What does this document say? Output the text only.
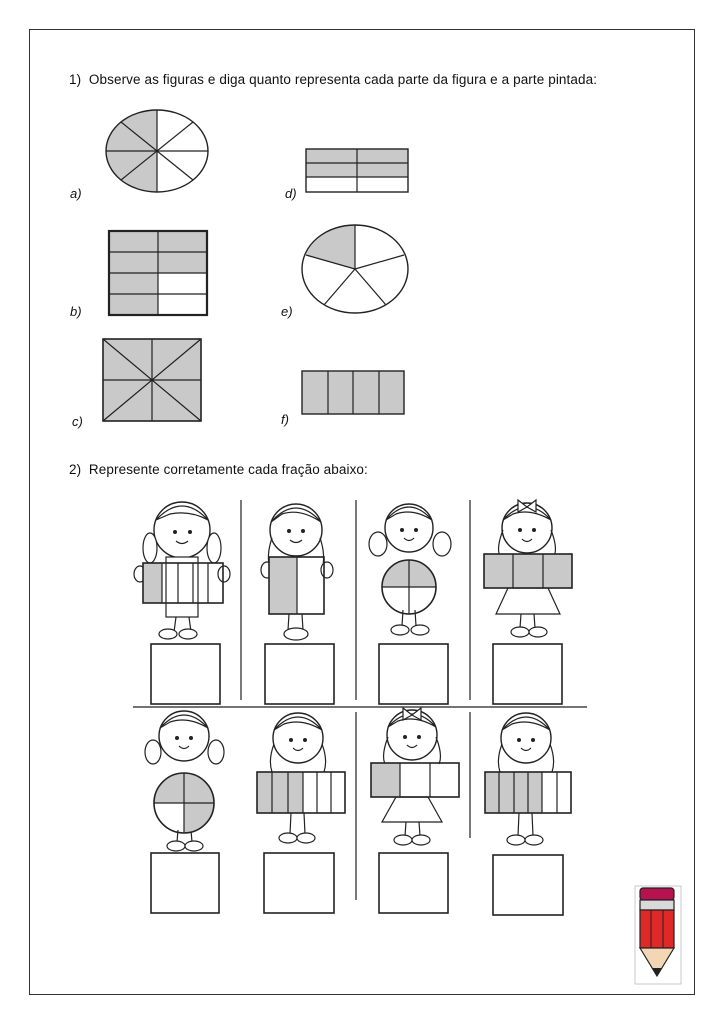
1) Observe as figuras e diga quanto representa cada parte da figura e a parte pintada:
a)	d)
b)	e)
c)	f)
2) Represente corretamente cada fração abaixo:
